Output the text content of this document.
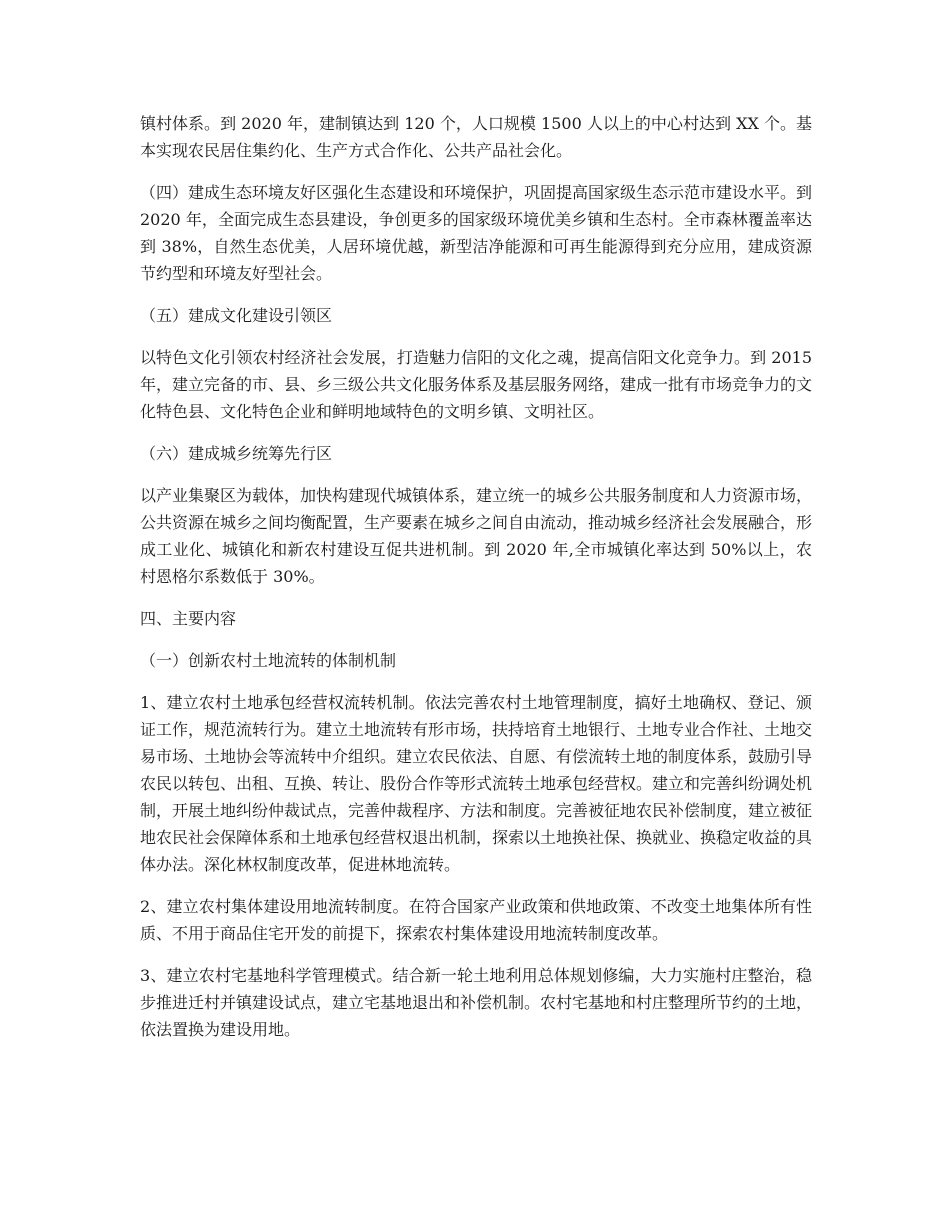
镇村体系。到 2020 年，建制镇达到 120 个，人口规模 1500 人以上的中心村达到 XX 个。基本实现农民居住集约化、生产方式合作化、公共产品社会化。

（四）建成生态环境友好区强化生态建设和环境保护，巩固提高国家级生态示范市建设水平。到 2020 年，全面完成生态县建设，争创更多的国家级环境优美乡镇和生态村。全市森林覆盖率达到 38%，自然生态优美，人居环境优越，新型洁净能源和可再生能源得到充分应用，建成资源节约型和环境友好型社会。

（五）建成文化建设引领区

以特色文化引领农村经济社会发展，打造魅力信阳的文化之魂，提高信阳文化竞争力。到 2015 年，建立完备的市、县、乡三级公共文化服务体系及基层服务网络，建成一批有市场竞争力的文化特色县、文化特色企业和鲜明地域特色的文明乡镇、文明社区。

（六）建成城乡统筹先行区

以产业集聚区为载体，加快构建现代城镇体系，建立统一的城乡公共服务制度和人力资源市场，公共资源在城乡之间均衡配置，生产要素在城乡之间自由流动，推动城乡经济社会发展融合，形成工业化、城镇化和新农村建设互促共进机制。到 2020 年,全市城镇化率达到 50%以上，农村恩格尔系数低于 30%。

四、主要内容

（一）创新农村土地流转的体制机制

1、建立农村土地承包经营权流转机制。依法完善农村土地管理制度，搞好土地确权、登记、颁证工作，规范流转行为。建立土地流转有形市场，扶持培育土地银行、土地专业合作社、土地交易市场、土地协会等流转中介组织。建立农民依法、自愿、有偿流转土地的制度体系，鼓励引导农民以转包、出租、互换、转让、股份合作等形式流转土地承包经营权。建立和完善纠纷调处机制，开展土地纠纷仲裁试点，完善仲裁程序、方法和制度。完善被征地农民补偿制度，建立被征地农民社会保障体系和土地承包经营权退出机制，探索以土地换社保、换就业、换稳定收益的具体办法。深化林权制度改革，促进林地流转。

2、建立农村集体建设用地流转制度。在符合国家产业政策和供地政策、不改变土地集体所有性质、不用于商品住宅开发的前提下，探索农村集体建设用地流转制度改革。

3、建立农村宅基地科学管理模式。结合新一轮土地利用总体规划修编，大力实施村庄整治，稳步推进迁村并镇建设试点，建立宅基地退出和补偿机制。农村宅基地和村庄整理所节约的土地，依法置换为建设用地。
